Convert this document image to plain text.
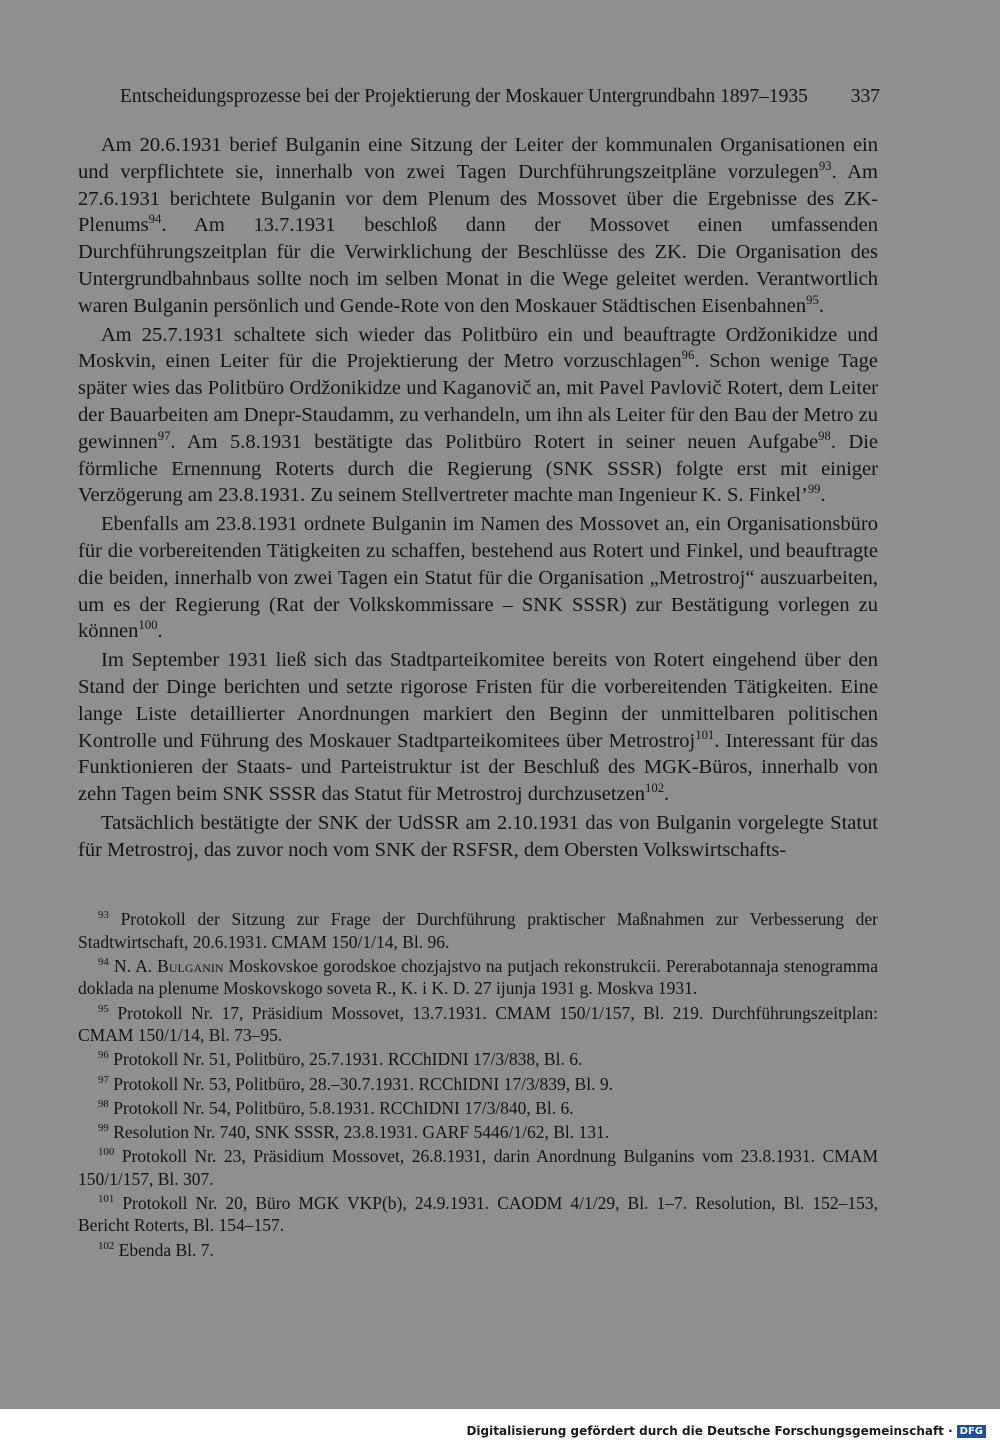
Entscheidungsprozesse bei der Projektierung der Moskauer Untergrundbahn 1897–1935 337

Am 20.6.1931 berief Bulganin eine Sitzung der Leiter der kommunalen Organisationen ein und verpflichtete sie, innerhalb von zwei Tagen Durchführungszeitpläne vorzulegen$^{93}$. Am 27.6.1931 berichtete Bulganin vor dem Plenum des Mossovet über die Ergebnisse des ZK-Plenums$^{94}$. Am 13.7.1931 beschloß dann der Mossovet einen umfassenden Durchführungszeitplan für die Verwirklichung der Beschlüsse des ZK. Die Organisation des Untergrundbahnbaus sollte noch im selben Monat in die Wege geleitet werden. Verantwortlich waren Bulganin persönlich und Gende-Rote von den Moskauer Städtischen Eisenbahnen$^{95}$.

Am 25.7.1931 schaltete sich wieder das Politbüro ein und beauftragte Ordžonikidze und Moskvin, einen Leiter für die Projektierung der Metro vorzuschlagen$^{96}$. Schon wenige Tage später wies das Politbüro Ordžonikidze und Kaganovič an, mit Pavel Pavlovič Rotert, dem Leiter der Bauarbeiten am Dnepr-Staudamm, zu verhandeln, um ihn als Leiter für den Bau der Metro zu gewinnen$^{97}$. Am 5.8.1931 bestätigte das Politbüro Rotert in seiner neuen Aufgabe$^{98}$. Die förmliche Ernennung Roterts durch die Regierung (SNK SSSR) folgte erst mit einiger Verzögerung am 23.8.1931. Zu seinem Stellvertreter machte man Ingenieur K. S. Finkel’$^{99}$.

Ebenfalls am 23.8.1931 ordnete Bulganin im Namen des Mossovet an, ein Organisationsbüro für die vorbereitenden Tätigkeiten zu schaffen, bestehend aus Rotert und Finkel, und beauftragte die beiden, innerhalb von zwei Tagen ein Statut für die Organisation „Metrostroj“ auszuarbeiten, um es der Regierung (Rat der Volkskommissare – SNK SSSR) zur Bestätigung vorlegen zu können$^{100}$.

Im September 1931 ließ sich das Stadtparteikomitee bereits von Rotert eingehend über den Stand der Dinge berichten und setzte rigorose Fristen für die vorbereitenden Tätigkeiten. Eine lange Liste detaillierter Anordnungen markiert den Beginn der unmittelbaren politischen Kontrolle und Führung des Moskauer Stadtparteikomitees über Metrostroj$^{101}$. Interessant für das Funktionieren der Staats- und Parteistruktur ist der Beschluß des MGK-Büros, innerhalb von zehn Tagen beim SNK SSSR das Statut für Metrostroj durchzusetzen$^{102}$.

Tatsächlich bestätigte der SNK der UdSSR am 2.10.1931 das von Bulganin vorgelegte Statut für Metrostroj, das zuvor noch vom SNK der RSFSR, dem Obersten Volkswirtschafts-

$^{93}$ Protokoll der Sitzung zur Frage der Durchführung praktischer Maßnahmen zur Verbesserung der Stadtwirtschaft, 20.6.1931. CMAM 150/1/14, Bl. 96.

$^{94}$ N. A. Bulganin Moskovskoe gorodskoe chozjajstvo na putjach rekonstrukcii. Pererabotannaja stenogramma doklada na plenume Moskovskogo soveta R., K. i K. D. 27 ijunja 1931 g. Moskva 1931.

$^{95}$ Protokoll Nr. 17, Präsidium Mossovet, 13.7.1931. CMAM 150/1/157, Bl. 219. Durchführungszeitplan: CMAM 150/1/14, Bl. 73–95.

$^{96}$ Protokoll Nr. 51, Politbüro, 25.7.1931. RCChIDNI 17/3/838, Bl. 6.

$^{97}$ Protokoll Nr. 53, Politbüro, 28.–30.7.1931. RCChIDNI 17/3/839, Bl. 9.

$^{98}$ Protokoll Nr. 54, Politbüro, 5.8.1931. RCChIDNI 17/3/840, Bl. 6.

$^{99}$ Resolution Nr. 740, SNK SSSR, 23.8.1931. GARF 5446/1/62, Bl. 131.

$^{100}$ Protokoll Nr. 23, Präsidium Mossovet, 26.8.1931, darin Anordnung Bulganins vom 23.8.1931. CMAM 150/1/157, Bl. 307.

$^{101}$ Protokoll Nr. 20, Büro MGK VKP(b), 24.9.1931. CAODM 4/1/29, Bl. 1–7. Resolution, Bl. 152–153, Bericht Roterts, Bl. 154–157.

$^{102}$ Ebenda Bl. 7.

Digitalisierung gefördert durch die Deutsche Forschungsgemeinschaft · DFG
